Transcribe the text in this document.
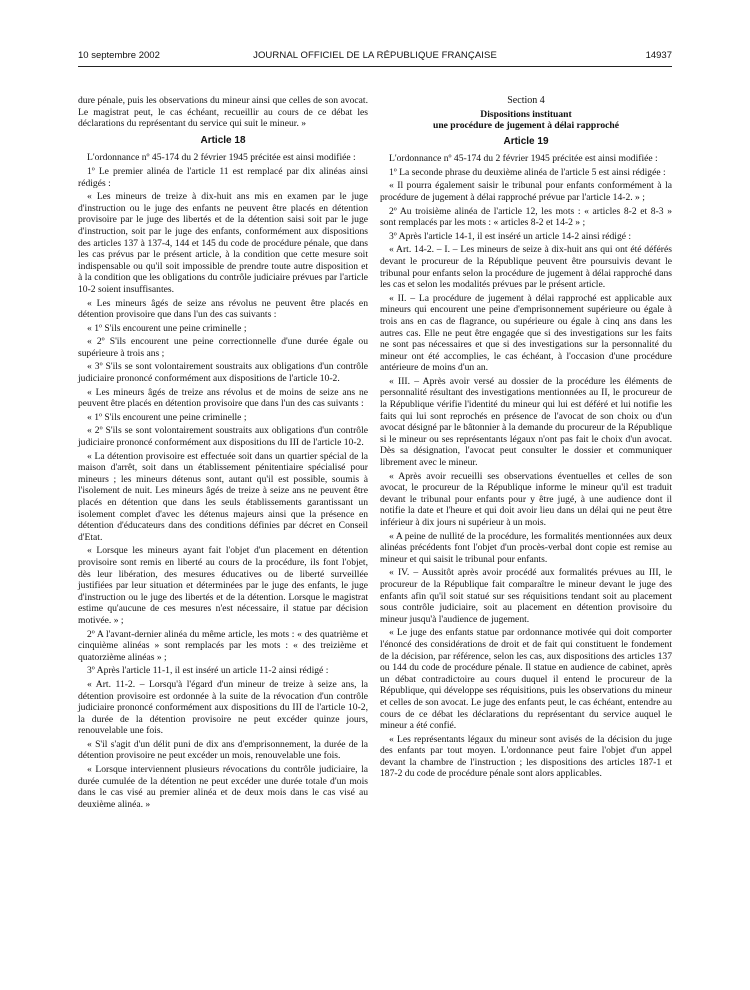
10 septembre 2002	JOURNAL OFFICIEL DE LA RÉPUBLIQUE FRANÇAISE	14937

dure pénale, puis les observations du mineur ainsi que celles de son avocat. Le magistrat peut, le cas échéant, recueillir au cours de ce débat les déclarations du représentant du service qui suit le mineur. »

Article 18

L'ordonnance nº 45-174 du 2 février 1945 précitée est ainsi modifiée :

1º Le premier alinéa de l'article 11 est remplacé par dix alinéas ainsi rédigés :

« Les mineurs de treize à dix-huit ans mis en examen par le juge d'instruction ou le juge des enfants ne peuvent être placés en détention provisoire par le juge des libertés et de la détention saisi soit par le juge d'instruction, soit par le juge des enfants, conformément aux dispositions des articles 137 à 137-4, 144 et 145 du code de procédure pénale, que dans les cas prévus par le présent article, à la condition que cette mesure soit indispensable ou qu'il soit impossible de prendre toute autre disposition et à la condition que les obligations du contrôle judiciaire prévues par l'article 10-2 soient insuffisantes.

« Les mineurs âgés de seize ans révolus ne peuvent être placés en détention provisoire que dans l'un des cas suivants :

« 1º S'ils encourent une peine criminelle ;

« 2º S'ils encourent une peine correctionnelle d'une durée égale ou supérieure à trois ans ;

« 3º S'ils se sont volontairement soustraits aux obligations d'un contrôle judiciaire prononcé conformément aux dispositions de l'article 10-2.

« Les mineurs âgés de treize ans révolus et de moins de seize ans ne peuvent être placés en détention provisoire que dans l'un des cas suivants :

« 1º S'ils encourent une peine criminelle ;

« 2º S'ils se sont volontairement soustraits aux obligations d'un contrôle judiciaire prononcé conformément aux dispositions du III de l'article 10-2.

« La détention provisoire est effectuée soit dans un quartier spécial de la maison d'arrêt, soit dans un établissement pénitentiaire spécialisé pour mineurs ; les mineurs détenus sont, autant qu'il est possible, soumis à l'isolement de nuit. Les mineurs âgés de treize à seize ans ne peuvent être placés en détention que dans les seuls établissements garantissant un isolement complet d'avec les détenus majeurs ainsi que la présence en détention d'éducateurs dans des conditions définies par décret en Conseil d'Etat.

« Lorsque les mineurs ayant fait l'objet d'un placement en détention provisoire sont remis en liberté au cours de la procédure, ils font l'objet, dès leur libération, des mesures éducatives ou de liberté surveillée justifiées par leur situation et déterminées par le juge des enfants, le juge d'instruction ou le juge des libertés et de la détention. Lorsque le magistrat estime qu'aucune de ces mesures n'est nécessaire, il statue par décision motivée. » ;

2º A l'avant-dernier alinéa du même article, les mots : « des quatrième et cinquième alinéas » sont remplacés par les mots : « des treizième et quatorzième alinéas » ;

3º Après l'article 11-1, il est inséré un article 11-2 ainsi rédigé :

« Art. 11-2. – Lorsqu'à l'égard d'un mineur de treize à seize ans, la détention provisoire est ordonnée à la suite de la révocation d'un contrôle judiciaire prononcé conformément aux dispositions du III de l'article 10-2, la durée de la détention provisoire ne peut excéder quinze jours, renouvelable une fois.

« S'il s'agit d'un délit puni de dix ans d'emprisonnement, la durée de la détention provisoire ne peut excéder un mois, renouvelable une fois.

« Lorsque interviennent plusieurs révocations du contrôle judiciaire, la durée cumulée de la détention ne peut excéder une durée totale d'un mois dans le cas visé au premier alinéa et de deux mois dans le cas visé au deuxième alinéa. »

Section 4
Dispositions instituant
une procédure de jugement à délai rapproché
Article 19

L'ordonnance nº 45-174 du 2 février 1945 précitée est ainsi modifiée :

1º La seconde phrase du deuxième alinéa de l'article 5 est ainsi rédigée :

« Il pourra également saisir le tribunal pour enfants conformément à la procédure de jugement à délai rapproché prévue par l'article 14-2. » ;

2º Au troisième alinéa de l'article 12, les mots : « articles 8-2 et 8-3 » sont remplacés par les mots : « articles 8-2 et 14-2 » ;

3º Après l'article 14-1, il est inséré un article 14-2 ainsi rédigé :

« Art. 14-2. – I. – Les mineurs de seize à dix-huit ans qui ont été déférés devant le procureur de la République peuvent être poursuivis devant le tribunal pour enfants selon la procédure de jugement à délai rapproché dans les cas et selon les modalités prévues par le présent article.

« II. – La procédure de jugement à délai rapproché est applicable aux mineurs qui encourent une peine d'emprisonnement supérieure ou égale à trois ans en cas de flagrance, ou supérieure ou égale à cinq ans dans les autres cas. Elle ne peut être engagée que si des investigations sur les faits ne sont pas nécessaires et que si des investigations sur la personnalité du mineur ont été accomplies, le cas échéant, à l'occasion d'une procédure antérieure de moins d'un an.

« III. – Après avoir versé au dossier de la procédure les éléments de personnalité résultant des investigations mentionnées au II, le procureur de la République vérifie l'identité du mineur qui lui est déféré et lui notifie les faits qui lui sont reprochés en présence de l'avocat de son choix ou d'un avocat désigné par le bâtonnier à la demande du procureur de la République si le mineur ou ses représentants légaux n'ont pas fait le choix d'un avocat. Dès sa désignation, l'avocat peut consulter le dossier et communiquer librement avec le mineur.

« Après avoir recueilli ses observations éventuelles et celles de son avocat, le procureur de la République informe le mineur qu'il est traduit devant le tribunal pour enfants pour y être jugé, à une audience dont il notifie la date et l'heure et qui doit avoir lieu dans un délai qui ne peut être inférieur à dix jours ni supérieur à un mois.

« A peine de nullité de la procédure, les formalités mentionnées aux deux alinéas précédents font l'objet d'un procès-verbal dont copie est remise au mineur et qui saisit le tribunal pour enfants.

« IV. – Aussitôt après avoir procédé aux formalités prévues au III, le procureur de la République fait comparaître le mineur devant le juge des enfants afin qu'il soit statué sur ses réquisitions tendant soit au placement sous contrôle judiciaire, soit au placement en détention provisoire du mineur jusqu'à l'audience de jugement.

« Le juge des enfants statue par ordonnance motivée qui doit comporter l'énoncé des considérations de droit et de fait qui constituent le fondement de la décision, par référence, selon les cas, aux dispositions des articles 137 ou 144 du code de procédure pénale. Il statue en audience de cabinet, après un débat contradictoire au cours duquel il entend le procureur de la République, qui développe ses réquisitions, puis les observations du mineur et celles de son avocat. Le juge des enfants peut, le cas échéant, entendre au cours de ce débat les déclarations du représentant du service auquel le mineur a été confié.

« Les représentants légaux du mineur sont avisés de la décision du juge des enfants par tout moyen. L'ordonnance peut faire l'objet d'un appel devant la chambre de l'instruction ; les dispositions des articles 187-1 et 187-2 du code de procédure pénale sont alors applicables.
